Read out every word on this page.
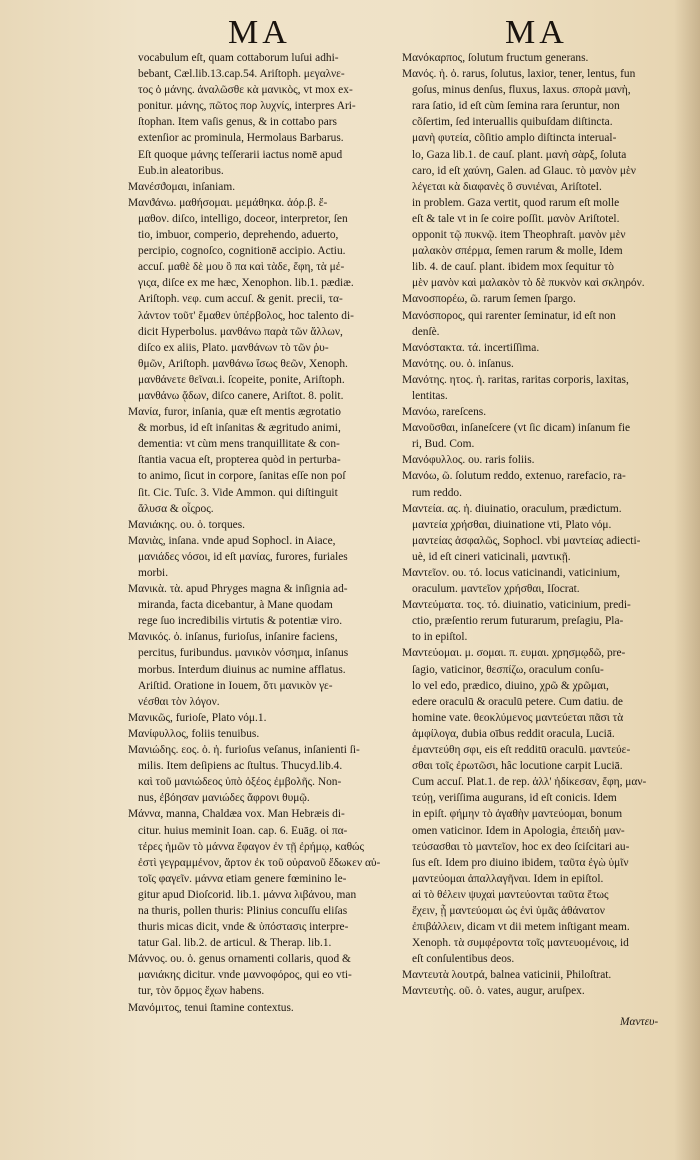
MA	MA
vocabulum eſt, quam cottaborum luſui adhi-
bebant, Cæl.lib.13.cap.54. Ariſtoph. μεγαλνε-
τος ὁ μάνης. ἀναλῶσθε κὰ μανικὸς, vt mox ex-
ponitur. μάνης, πῶτος πορ λυχνίς, interpres Ari-
ſtophan. Item vaſis genus, & in cottabo pars
extenſior ac prominula, Hermolaus Barbarus.
Eſt quoque μάνης teſſerarii iactus nomē apud
Eub.in aleatoribus.
Μανέσϑομαι, inſaniam.
Μανϑάνω. μαθήσομαι. μεμάθηκα. ἀόρ.β. ἔ-
μαθον. diſco, intelligo, doceor, interpretor, ſen
tio, imbuor, comperio, deprehendo, aduerto,
percipio, cognoſco, cognitionē accipio. Actiu.
accuſ. μαθὲ δὲ μου ὃ πα καὶ τὰδε, ἔφη, τὰ μέ-
γιςα, diſce ex me hæc, Xenophon. lib.1. pædiæ.
Ariſtoph. νεφ. cum accuſ. & genit. precii, τα-
λάντον τοῦτ' ἔμαθεν ὑπέρβολος, hoc talento di-
dicit Hyperbolus. μανθάνω παρὰ τῶν ἄλλων,
diſco ex aliis, Plato. μανθάνων τὸ τῶν ῥυ-
θμῶν, Ariſtoph. μανθάνω ἴσως θεῶν, Xenoph.
μανθάνετε θεῖναι.i. ſcopeite, ponite, Ariſtoph.
μανθάνω ᾄδων, diſco canere, Ariſtot. 8. polit.
Μανία, furor, inſania, quæ eſt mentis ægrotatio
& morbus, id eſt inſanitas & ægritudo animi,
dementia: vt cùm mens tranquillitate & con-
ſtantia vacua eſt, propterea quòd in perturba-
to animo, ſicut in corpore, ſanitas eſſe non poſ
ſit. Cic. Tuſc. 3. Vide Ammon. qui diſtinguit
ἄλυσα & οἶςρος.
Μανιάκης. ου. ὁ. torques.
Μανιὰς, inſana. vnde apud Sophocl. in Aiace,
μανιάδες νόσοι, id eſt μανίας, furores, furiales
morbi.
Μανικὰ. τὰ. apud Phryges magna & inſignia ad-
miranda, facta dicebantur, à Mane quodam
rege ſuo incredibilis virtutis & potentiæ viro.
Μανικός. ὁ. inſanus, furioſus, inſanire faciens,
percitus, furibundus. μανικὸν νόσημα, inſanus
morbus. Interdum diuinus ac numine afflatus.
Ariſtid. Oratione in Iouem, ὅτι μανικὸν γε-
νέσθαι τὸν λόγον.
Μανικῶς, furioſe, Plato νόμ.1.
Μανίφυλλος, foliis tenuibus.
Μανιώδης. εος. ὁ. ἡ. furioſus veſanus, inſanienti ſi-
milis. Item deſipiens ac ſtultus. Thucyd.lib.4.
καὶ τοῦ μανιώδεος ὑπὸ ὀξέος ἐμβολῆς. Non-
nus, ἐβόησαν μανιώδες ἄφρονι θυμῷ.
Μάννα, manna, Chaldæa vox. Man Hebræis di-
citur. huius meminit Ioan. cap. 6. Euāg. οἱ πα-
τέρες ἡμῶν τὸ μάννα ἔφαγον ἐν τῇ ἐρήμῳ, καθώς
ἐστὶ γεγραμμένον, ἄρτον ἐκ τοῦ οὐρανοῦ ἔδωκεν αὐ-
τοῖς φαγεῖν. μάννα etiam genere fœminino le-
gitur apud Dioſcorid. lib.1. μάννα λιβάνου, man
na thuris, pollen thuris: Plinius concuſſu eliſas
thuris micas dicit, vnde & ὑπόστασις interpre-
tatur Gal. lib.2. de articul. & Therap. lib.1.
Μάννος. ου. ὁ. genus ornamenti collaris, quod &
μανιάκης dicitur. vnde μαννοφόρος, qui eo vti-
tur, τὸν ὅρμος ἔχων habens.
Μανόμιτος, tenui ſtamine contextus.
Μανόκαρπος, ſolutum fructum generans.
Μανός. ἡ. ὁ. rarus, ſolutus, laxior, tener, lentus, fun
goſus, minus denſus, fluxus, laxus. σπορὰ μανὴ,
rara ſatio, id eſt cùm ſemina rara ſeruntur, non
cõſertim, ſed interuallis quibuſdam diſtincta.
μανὴ φυτεία, cõſitio amplo diſtincta interual-
lo, Gaza lib.1. de cauſ. plant. μανὴ σὰρξ, ſoluta
caro, id eſt χαύνη, Galen. ad Glauc. τὸ μανὸν μὲν
λέγεται κὰ διαφανὲς ὃ συνιέναι, Ariſtotel.
in problem. Gaza vertit, quod rarum eſt molle
eſt & tale vt in ſe coire poſſit. μανὸν Ariſtotel.
opponit τῷ πυκνῷ. item Theophraſt. μανὸν μὲν
μαλακὸν σπέρμα, ſemen rarum & molle, Idem
lib. 4. de cauſ. plant. ibidem mox ſequitur τὸ
μὲν μανὸν καὶ μαλακὸν τὸ δὲ πυκνὸν καὶ σκληρόν.
Μανοσπορέω, ῶ. rarum ſemen ſpargo.
Μανόσπορος, qui rarenter ſeminatur, id eſt non
denſè.
Μανόστακτα. τά. incertiſſima.
Μανότης. ου. ὁ. inſanus.
Μανότης. ητος. ἡ. raritas, raritas corporis, laxitas,
lentitas.
Μανόω, rareſcens.
Μανοῦσθαι, inſaneſcere (vt ſic dicam) inſanum fie
ri, Bud. Com.
Μανόφυλλος. ου. raris foliis.
Μανόω, ῶ. ſolutum reddo, extenuo, rarefacio, ra-
rum reddo.
Μαντεία. ας. ἡ. diuinatio, oraculum, prædictum.
μαντεία χρήσθαι, diuinatione vti, Plato νόμ.
μαντείας ἀσφαλῶς, Sophocl. vbi μαντείας adiecti-
uè, id eſt cineri vaticinali, μαντικῇ.
Μαντεῖον. ου. τό. locus vaticinandi, vaticinium,
oraculum. μαντεῖον χρήσθαι, Iſocrat.
Μαντεύματα. τος. τό. diuinatio, vaticinium, predi-
ctio, præſentio rerum futurarum, preſagiu, Pla-
to in epiſtol.
Μαντεύομαι. μ. σομαι. π. ευμαι. χρησμῳδῶ, pre-
ſagio, vaticinor, θεσπίζω, oraculum conſu-
lo vel edo, prædico, diuino, χρῶ & χρῶμαι,
edere oraculū & oraculū petere. Cum datiu. de
homine vate. θεοκλύμενος μαντεύεται πᾶσι τὰ
ἀμφίλογα, dubia oībus reddit oracula, Luciā.
ἐμαντεύθη σφι, eis eſt redditū oraculū. μαντεύε-
σθαι τοῖς ἐρωτῶσι, hâc locutione carpit Luciā.
Cum accuſ. Plat.1. de rep. ἀλλ' ἠδίκεσαν, ἔφη, μαν-
τεύῃ, veriſſima augurans, id eſt conicis. Idem
in epiſt. φήμην τὸ ἀγαθὴν μαντεύομαι, bonum
omen vaticinor. Idem in Apologia, ἐπειδὴ μαν-
τεύσασθαι τὸ μαντεῖον, hoc ex deo ſciſcitari au-
ſus eſt. Idem pro diuino ibidem, ταῦτα ἐγὼ ὑμῖν
μαντεύομαι ἀπαλλαγῆναι. Idem in epiſtol.
αἱ τὸ θέλειν ψυχαὶ μαντεύονται ταῦτα ἔτως
ἔχειν, ᾗ μαντεύομαι ὡς ἐνὶ ὑμᾶς ἀθάνατον
ἐπιβάλλειν, dicam vt dii metem inſtigant meam.
Xenoph. τὰ συμφέροντα τοῖς μαντευομένοις, id
eſt conſulentibus deos.
Μαντευτὰ λουτρά, balnea vaticinii, Philoſtrat.
Μαντευτὴς. οῦ. ὁ. vates, augur, aruſpex.
Μαντευ-
